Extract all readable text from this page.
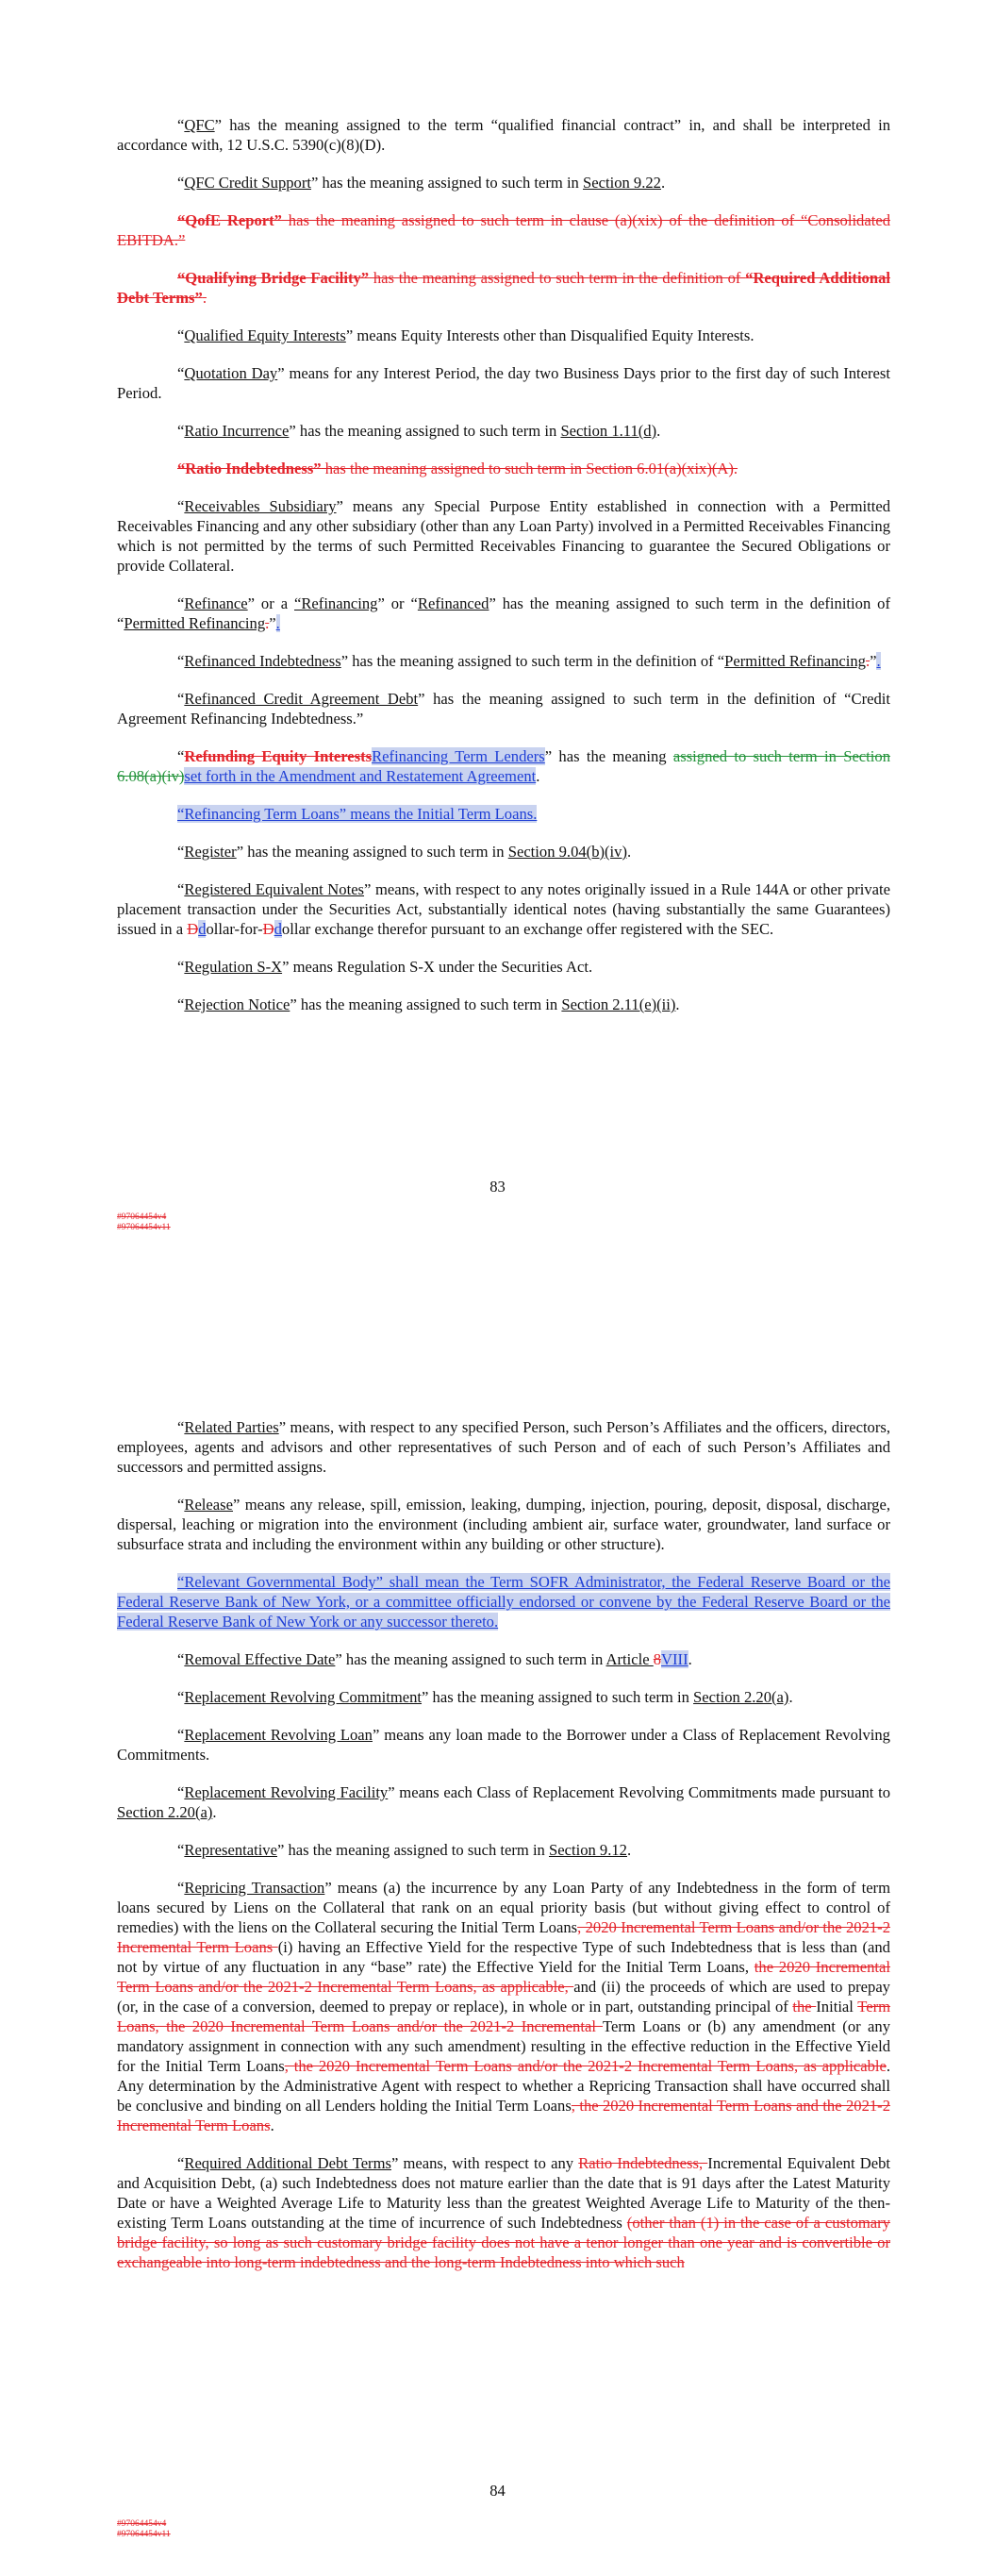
“QFC” has the meaning assigned to the term “qualified financial contract” in, and shall be interpreted in accordance with, 12 U.S.C. 5390(c)(8)(D).

“QFC Credit Support” has the meaning assigned to such term in Section 9.22.

“QofE Report” has the meaning assigned to such term in clause (a)(xix) of the definition of “Consolidated EBITDA.”

“Qualifying Bridge Facility” has the meaning assigned to such term in the definition of “Required Additional Debt Terms”.

“Qualified Equity Interests” means Equity Interests other than Disqualified Equity Interests.

“Quotation Day” means for any Interest Period, the day two Business Days prior to the first day of such Interest Period.

“Ratio Incurrence” has the meaning assigned to such term in Section 1.11(d).

“Ratio Indebtedness” has the meaning assigned to such term in Section 6.01(a)(xix)(A).

“Receivables Subsidiary” means any Special Purpose Entity established in connection with a Permitted Receivables Financing and any other subsidiary (other than any Loan Party) involved in a Permitted Receivables Financing which is not permitted by the terms of such Permitted Receivables Financing to guarantee the Secured Obligations or provide Collateral.

“Refinance” or a “Refinancing” or “Refinanced” has the meaning assigned to such term in the definition of “Permitted Refinancing.”.

“Refinanced Indebtedness” has the meaning assigned to such term in the definition of “Permitted Refinancing.”.

“Refinanced Credit Agreement Debt” has the meaning assigned to such term in the definition of “Credit Agreement Refinancing Indebtedness.”

“Refunding Equity InterestsRefinancing Term Lenders” has the meaning assigned to such term in Section 6.08(a)(iv)set forth in the Amendment and Restatement Agreement.

“Refinancing Term Loans” means the Initial Term Loans.

“Register” has the meaning assigned to such term in Section 9.04(b)(iv).

“Registered Equivalent Notes” means, with respect to any notes originally issued in a Rule 144A or other private placement transaction under the Securities Act, substantially identical notes (having substantially the same Guarantees) issued in a Ddollar-for-Ddollar exchange therefor pursuant to an exchange offer registered with the SEC.

“Regulation S-X” means Regulation S-X under the Securities Act.

“Rejection Notice” has the meaning assigned to such term in Section 2.11(e)(ii).

83
#97064454v4
#97064454v11

“Related Parties” means, with respect to any specified Person, such Person’s Affiliates and the officers, directors, employees, agents and advisors and other representatives of such Person and of each of such Person’s Affiliates and successors and permitted assigns.

“Release” means any release, spill, emission, leaking, dumping, injection, pouring, deposit, disposal, discharge, dispersal, leaching or migration into the environment (including ambient air, surface water, groundwater, land surface or subsurface strata and including the environment within any building or other structure).

“Relevant Governmental Body” shall mean the Term SOFR Administrator, the Federal Reserve Board or the Federal Reserve Bank of New York, or a committee officially endorsed or convene by the Federal Reserve Board or the Federal Reserve Bank of New York or any successor thereto.

“Removal Effective Date” has the meaning assigned to such term in Article 8VIII.

“Replacement Revolving Commitment” has the meaning assigned to such term in Section 2.20(a).

“Replacement Revolving Loan” means any loan made to the Borrower under a Class of Replacement Revolving Commitments.

“Replacement Revolving Facility” means each Class of Replacement Revolving Commitments made pursuant to Section 2.20(a).

“Representative” has the meaning assigned to such term in Section 9.12.

“Repricing Transaction” means (a) the incurrence by any Loan Party of any Indebtedness in the form of term loans secured by Liens on the Collateral that rank on an equal priority basis (but without giving effect to control of remedies) with the liens on the Collateral securing the Initial Term Loans, 2020 Incremental Term Loans and/or the 2021-2 Incremental Term Loans (i) having an Effective Yield for the respective Type of such Indebtedness that is less than (and not by virtue of any fluctuation in any “base” rate) the Effective Yield for the Initial Term Loans, the 2020 Incremental Term Loans and/or the 2021-2 Incremental Term Loans, as applicable, and (ii) the proceeds of which are used to prepay (or, in the case of a conversion, deemed to prepay or replace), in whole or in part, outstanding principal of the Initial Term Loans, the 2020 Incremental Term Loans and/or the 2021-2 Incremental Term Loans or (b) any amendment (or any mandatory assignment in connection with any such amendment) resulting in the effective reduction in the Effective Yield for the Initial Term Loans, the 2020 Incremental Term Loans and/or the 2021-2 Incremental Term Loans, as applicable. Any determination by the Administrative Agent with respect to whether a Repricing Transaction shall have occurred shall be conclusive and binding on all Lenders holding the Initial Term Loans, the 2020 Incremental Term Loans and the 2021-2 Incremental Term Loans.

“Required Additional Debt Terms” means, with respect to any Ratio Indebtedness, Incremental Equivalent Debt and Acquisition Debt, (a) such Indebtedness does not mature earlier than the date that is 91 days after the Latest Maturity Date or have a Weighted Average Life to Maturity less than the greatest Weighted Average Life to Maturity of the then-existing Term Loans outstanding at the time of incurrence of such Indebtedness (other than (1) in the case of a customary bridge facility, so long as such customary bridge facility does not have a tenor longer than one year and is convertible or exchangeable into long-term indebtedness and the long-term Indebtedness into which such

84
#97064454v4
#97064454v11
